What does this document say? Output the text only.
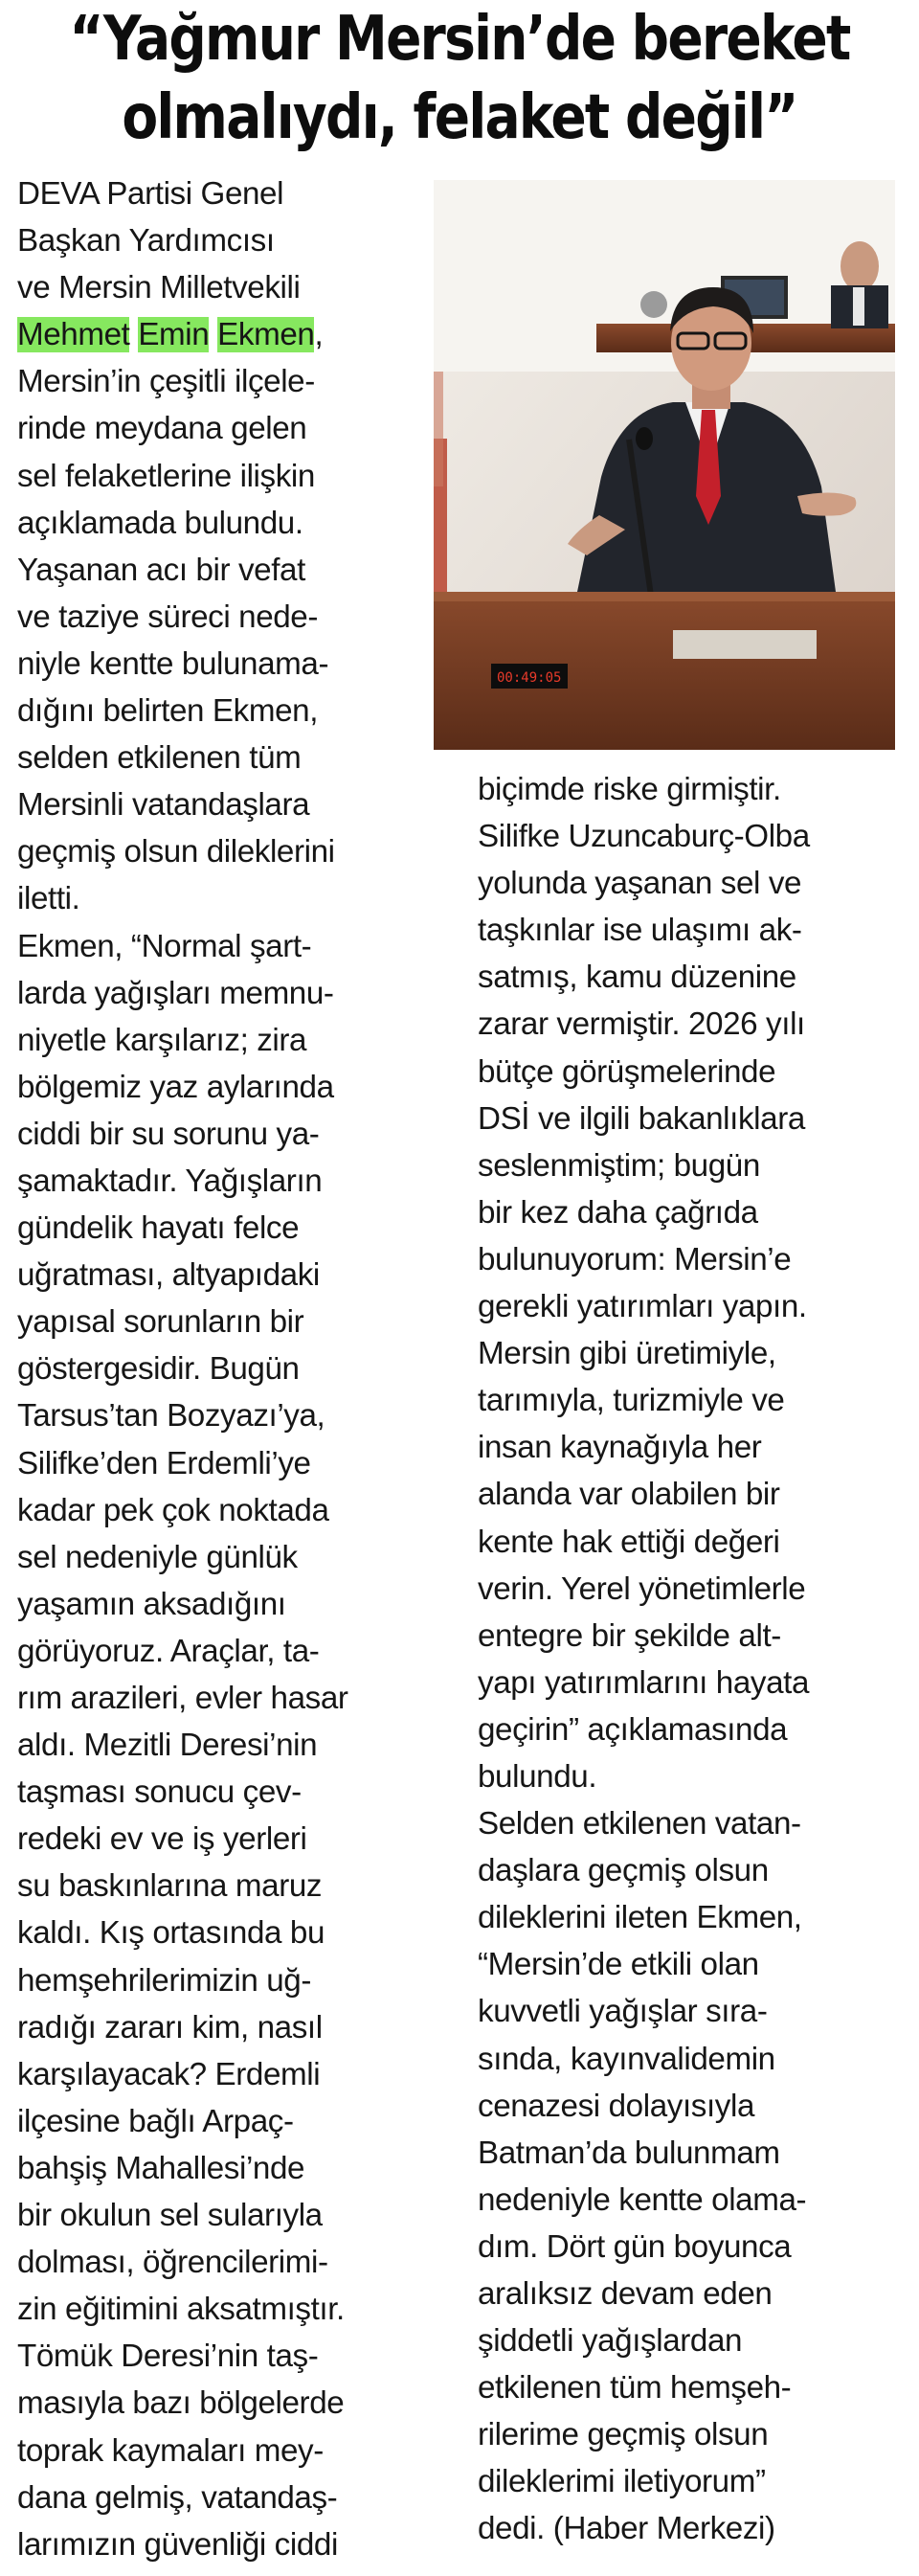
“Yağmur Mersin’de bereket
olmalıydı, felaket değil”
DEVA Partisi Genel
Başkan Yardımcısı
ve Mersin Milletvekili
Mehmet Emin Ekmen,
Mersin’in çeşitli ilçele-
rinde meydana gelen
sel felaketlerine ilişkin
açıklamada bulundu.
Yaşanan acı bir vefat
ve taziye süreci nede-
niyle kentte bulunama-
dığını belirten Ekmen,
selden etkilenen tüm
Mersinli vatandaşlara
geçmiş olsun dileklerini
iletti.
Ekmen, “Normal şart-
larda yağışları memnu-
niyetle karşılarız; zira
bölgemiz yaz aylarında
ciddi bir su sorunu ya-
şamaktadır. Yağışların
gündelik hayatı felce
uğratması, altyapıdaki
yapısal sorunların bir
göstergesidir. Bugün
Tarsus’tan Bozyazı’ya,
Silifke’den Erdemli’ye
kadar pek çok noktada
sel nedeniyle günlük
yaşamın aksadığını
görüyoruz. Araçlar, ta-
rım arazileri, evler hasar
aldı. Mezitli Deresi’nin
taşması sonucu çev-
redeki ev ve iş yerleri
su baskınlarına maruz
kaldı. Kış ortasında bu
hemşehrilerimizin uğ-
radığı zararı kim, nasıl
karşılayacak? Erdemli
ilçesine bağlı Arpaç-
bahşiş Mahallesi’nde
bir okulun sel sularıyla
dolması, öğrencilerimi-
zin eğitimini aksatmıştır.
Tömük Deresi’nin taş-
masıyla bazı bölgelerde
toprak kaymaları mey-
dana gelmiş, vatandaş-
larımızın güvenliği ciddi
00:49:05
biçimde riske girmiştir.
Silifke Uzuncaburç-Olba
yolunda yaşanan sel ve
taşkınlar ise ulaşımı ak-
satmış, kamu düzenine
zarar vermiştir. 2026 yılı
bütçe görüşmelerinde
DSİ ve ilgili bakanlıklara
seslenmiştim; bugün
bir kez daha çağrıda
bulunuyorum: Mersin’e
gerekli yatırımları yapın.
Mersin gibi üretimiyle,
tarımıyla, turizmiyle ve
insan kaynağıyla her
alanda var olabilen bir
kente hak ettiği değeri
verin. Yerel yönetimlerle
entegre bir şekilde alt-
yapı yatırımlarını hayata
geçirin” açıklamasında
bulundu.
Selden etkilenen vatan-
daşlara geçmiş olsun
dileklerini ileten Ekmen,
“Mersin’de etkili olan
kuvvetli yağışlar sıra-
sında, kayınvalidemin
cenazesi dolayısıyla
Batman’da bulunmam
nedeniyle kentte olama-
dım. Dört gün boyunca
aralıksız devam eden
şiddetli yağışlardan
etkilenen tüm hemşeh-
rilerime geçmiş olsun
dileklerimi iletiyorum”
dedi. (Haber Merkezi)
